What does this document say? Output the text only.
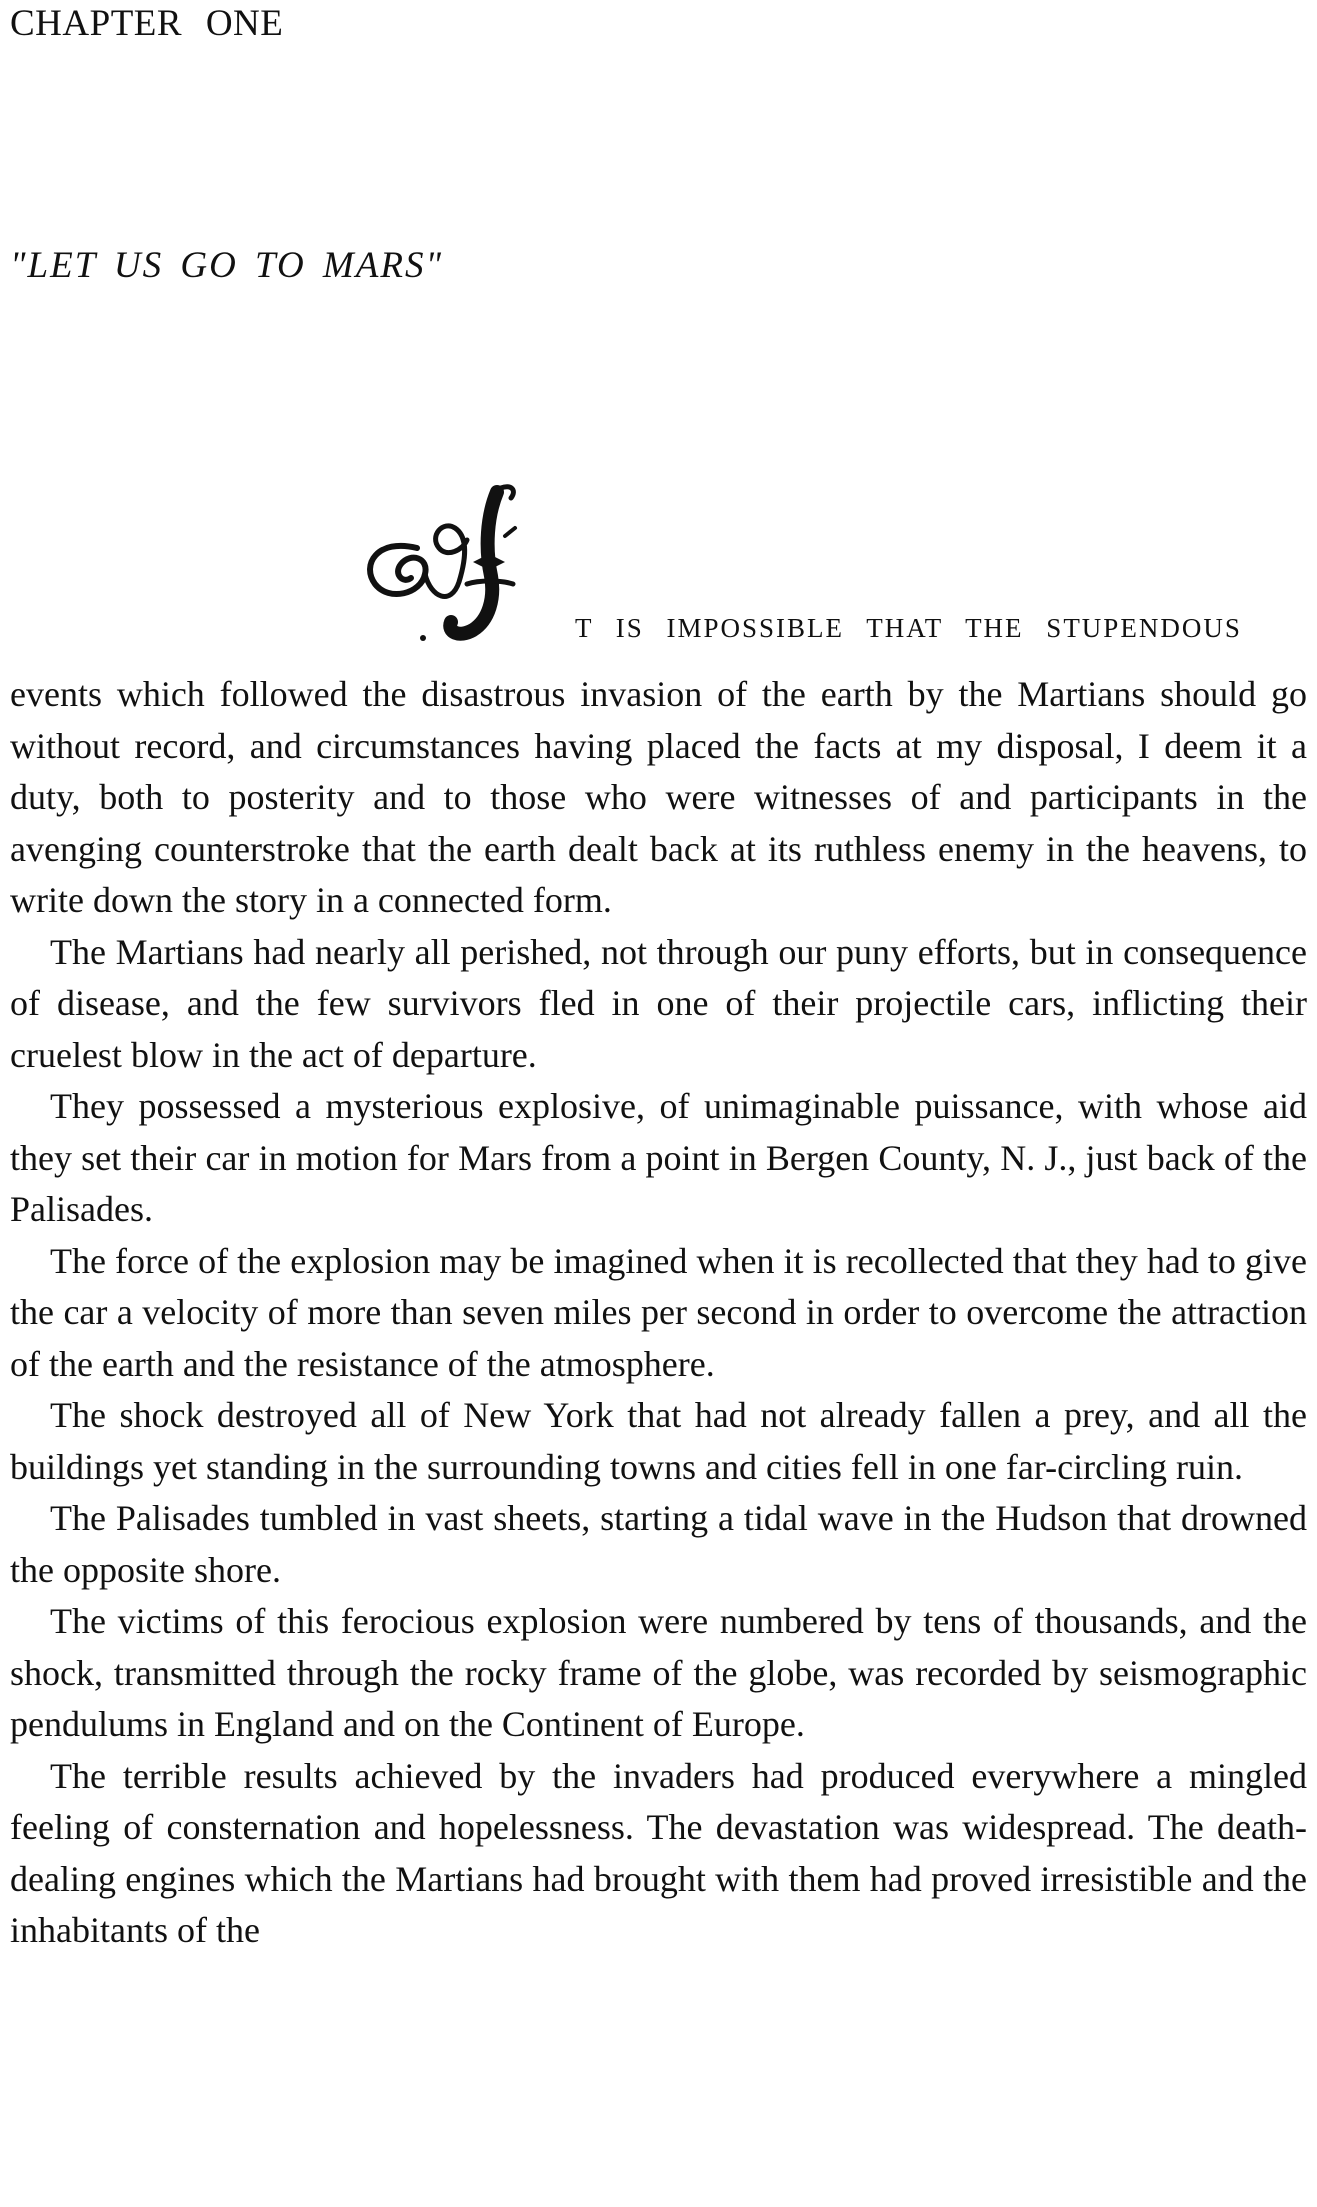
CHAPTER ONE
"LET US GO TO MARS"
T IS IMPOSSIBLE THAT THE STUPENDOUS

events which followed the disastrous invasion of the earth by the Martians should go without record, and circumstances having placed the facts at my disposal, I deem it a duty, both to posterity and to those who were witnesses of and participants in the avenging counterstroke that the earth dealt back at its ruthless enemy in the heavens, to write down the story in a connected form.

The Martians had nearly all perished, not through our puny efforts, but in consequence of disease, and the few survivors fled in one of their projectile cars, inflicting their cruelest blow in the act of departure.

They possessed a mysterious explosive, of unimaginable puissance, with whose aid they set their car in motion for Mars from a point in Bergen County, N. J., just back of the Palisades.

The force of the explosion may be imagined when it is recollected that they had to give the car a velocity of more than seven miles per second in order to overcome the attraction of the earth and the resistance of the atmosphere.

The shock destroyed all of New York that had not already fallen a prey, and all the buildings yet standing in the surrounding towns and cities fell in one far-circling ruin.

The Palisades tumbled in vast sheets, starting a tidal wave in the Hudson that drowned the opposite shore.

The victims of this ferocious explosion were numbered by tens of thousands, and the shock, transmitted through the rocky frame of the globe, was recorded by seismographic pendulums in England and on the Continent of Europe.

The terrible results achieved by the invaders had produced everywhere a mingled feeling of consternation and hopelessness. The devastation was widespread. The death-dealing engines which the Martians had brought with them had proved irresistible and the inhabitants of the
